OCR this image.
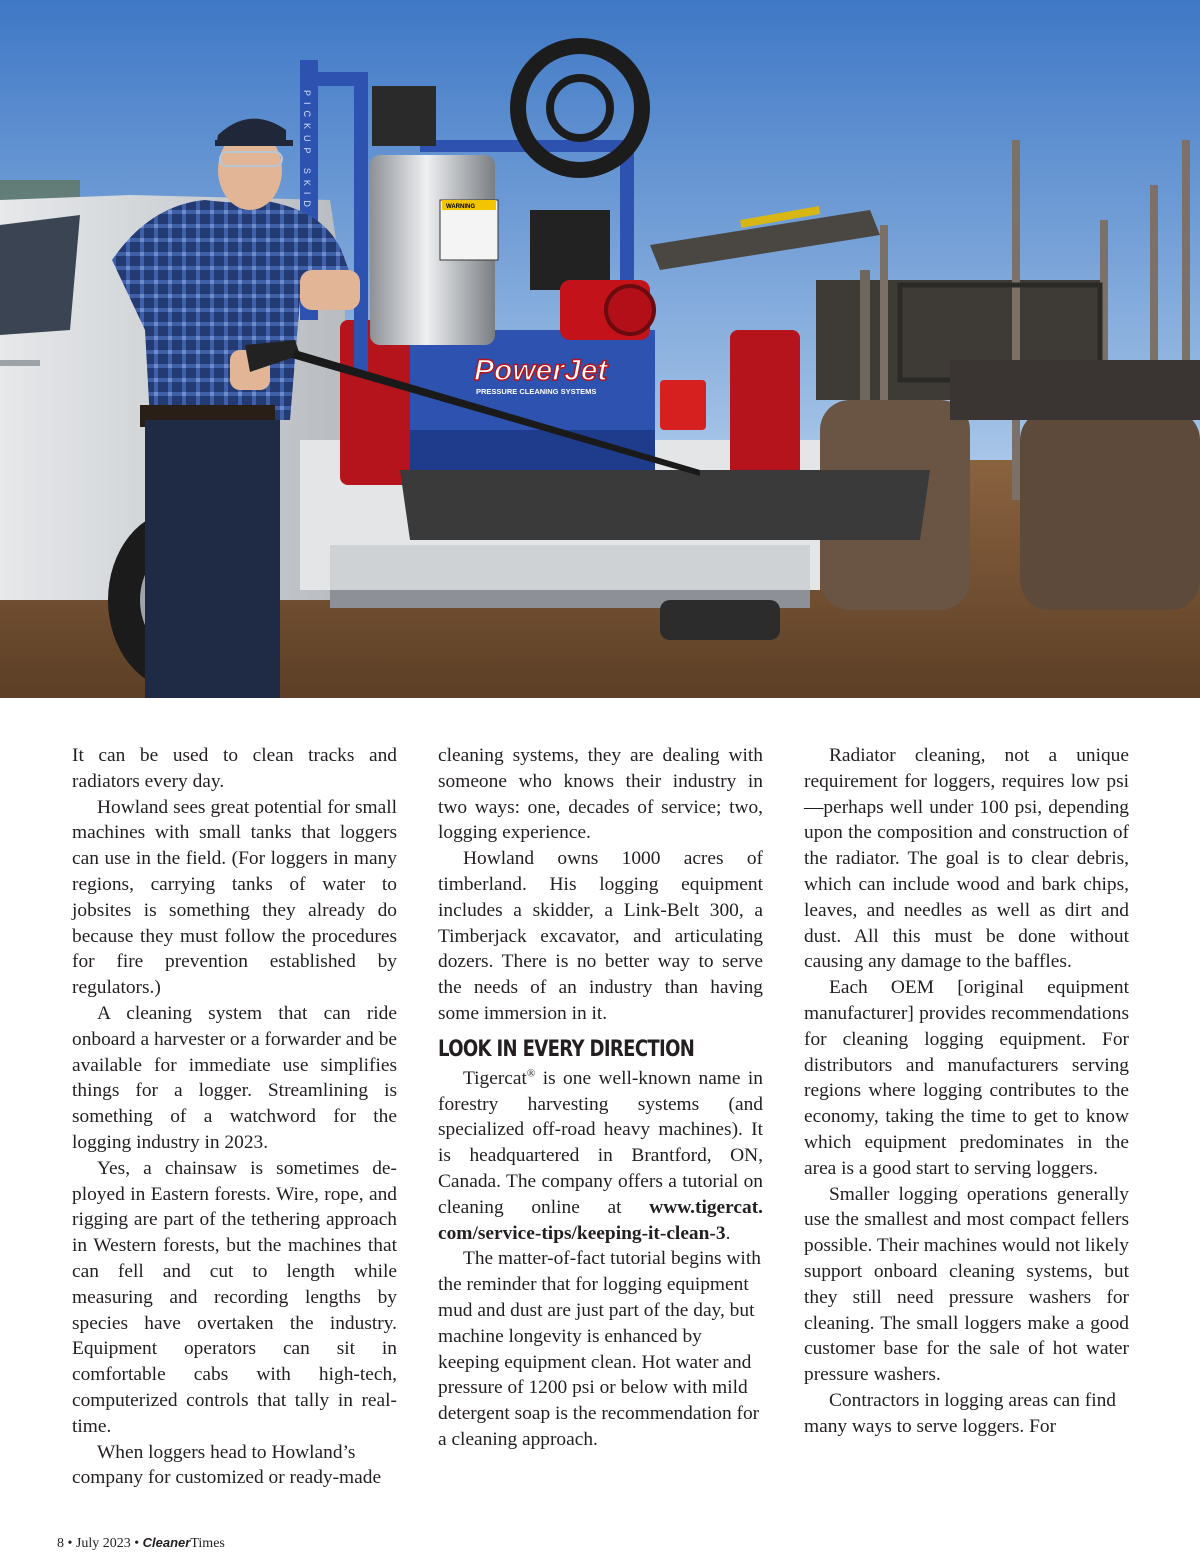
PowerJet
PRESSURE CLEANING SYSTEMS
PICKUP SKID	WARNING

It can be used to clean tracks and radiators every day.

Howland sees great potential for small machines with small tanks that loggers can use in the field. (For loggers in many regions, carrying tanks of water to jobsites is something they already do because they must follow the procedures for fire prevention established by regulators.)

A cleaning system that can ride onboard a harvester or a forwarder and be available for immediate use simplifies things for a logger. Streamlining is something of a watchword for the logging industry in 2023.

Yes, a chainsaw is sometimes deployed in Eastern forests. Wire, rope, and rigging are part of the tethering approach in Western forests, but the machines that can fell and cut to length while measuring and recording lengths by species have overtaken the industry. Equipment operators can sit in comfortable cabs with high-tech, computerized controls that tally in real-time.

When loggers head to Howland’s company for customized or ready-made

cleaning systems, they are dealing with someone who knows their industry in two ways: one, decades of service; two, logging experience.

Howland owns 1000 acres of timberland. His logging equipment includes a skidder, a Link-Belt 300, a Timberjack excavator, and articulating dozers. There is no better way to serve the needs of an industry than having some immersion in it.

LOOK IN EVERY DIRECTION

Tigercat® is one well-known name in forestry harvesting systems (and specialized off-road heavy machines). It is headquartered in Brantford, ON, Canada. The company offers a tutorial on cleaning online at www.tigercat.​com/service-tips/keeping-it-clean-3.

The matter-of-fact tutorial begins with the reminder that for logging equipment mud and dust are just part of the day, but machine longevity is enhanced by keeping equipment clean. Hot water and pressure of 1200 psi or below with mild detergent soap is the recommendation for a cleaning approach.

Radiator cleaning, not a unique requirement for loggers, requires low psi—perhaps well under 100 psi, depending upon the composition and construction of the radiator. The goal is to clear debris, which can include wood and bark chips, leaves, and needles as well as dirt and dust. All this must be done without causing any damage to the baffles.

Each OEM [original equipment manufacturer] provides recommendations for cleaning logging equipment. For distributors and manufacturers serving regions where logging contributes to the economy, taking the time to get to know which equipment predominates in the area is a good start to serving loggers.

Smaller logging operations generally use the smallest and most compact fellers possible. Their machines would not likely support onboard cleaning systems, but they still need pressure washers for cleaning. The small loggers make a good customer base for the sale of hot water pressure washers.

Contractors in logging areas can find many ways to serve loggers. For

8 • July 2023 • CleanerTimes
